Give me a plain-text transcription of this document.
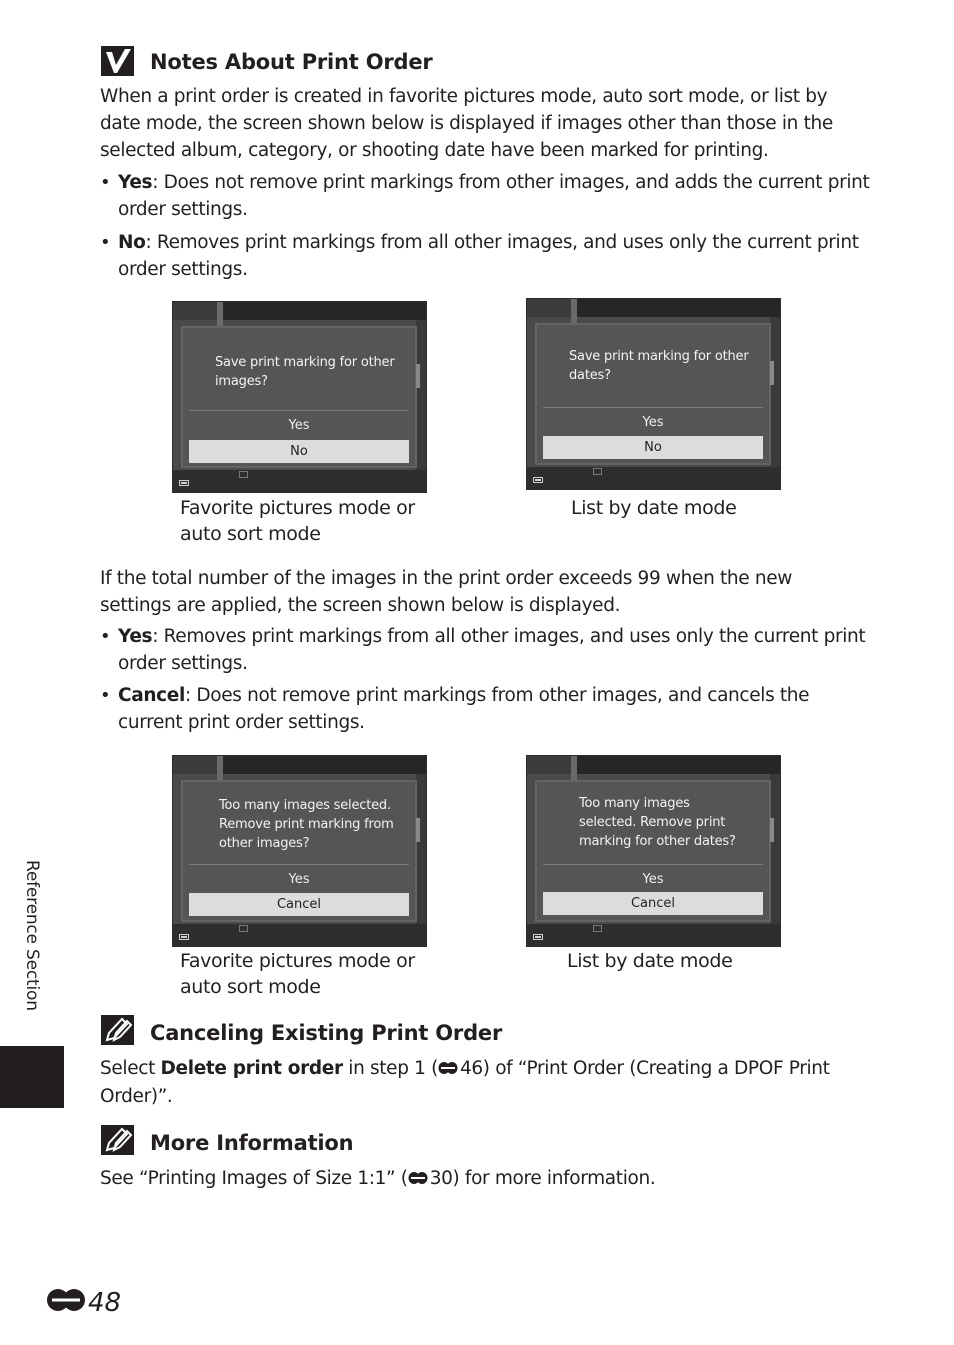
Notes About Print Order
When a print order is created in favorite pictures mode, auto sort mode, or list by date mode, the screen shown below is displayed if images other than those in the selected album, category, or shooting date have been marked for printing.
• Yes: Does not remove print markings from other images, and adds the current print order settings.
• No: Removes print markings from all other images, and uses only the current print order settings.
Save print marking for other images?
Yes
No
Favorite pictures mode or auto sort mode
Save print marking for other dates?
Yes
No
List by date mode
If the total number of the images in the print order exceeds 99 when the new settings are applied, the screen shown below is displayed.
• Yes: Removes print markings from all other images, and uses only the current print order settings.
• Cancel: Does not remove print markings from other images, and cancels the current print order settings.
Too many images selected. Remove print marking from other images?
Yes
Cancel
Favorite pictures mode or auto sort mode
Too many images selected. Remove print marking for other dates?
Yes
Cancel
List by date mode
Canceling Existing Print Order
Select Delete print order in step 1 ( 46) of “Print Order (Creating a DPOF Print Order)”.
More Information
See “Printing Images of Size 1:1” ( 30) for more information.
Reference Section
48
